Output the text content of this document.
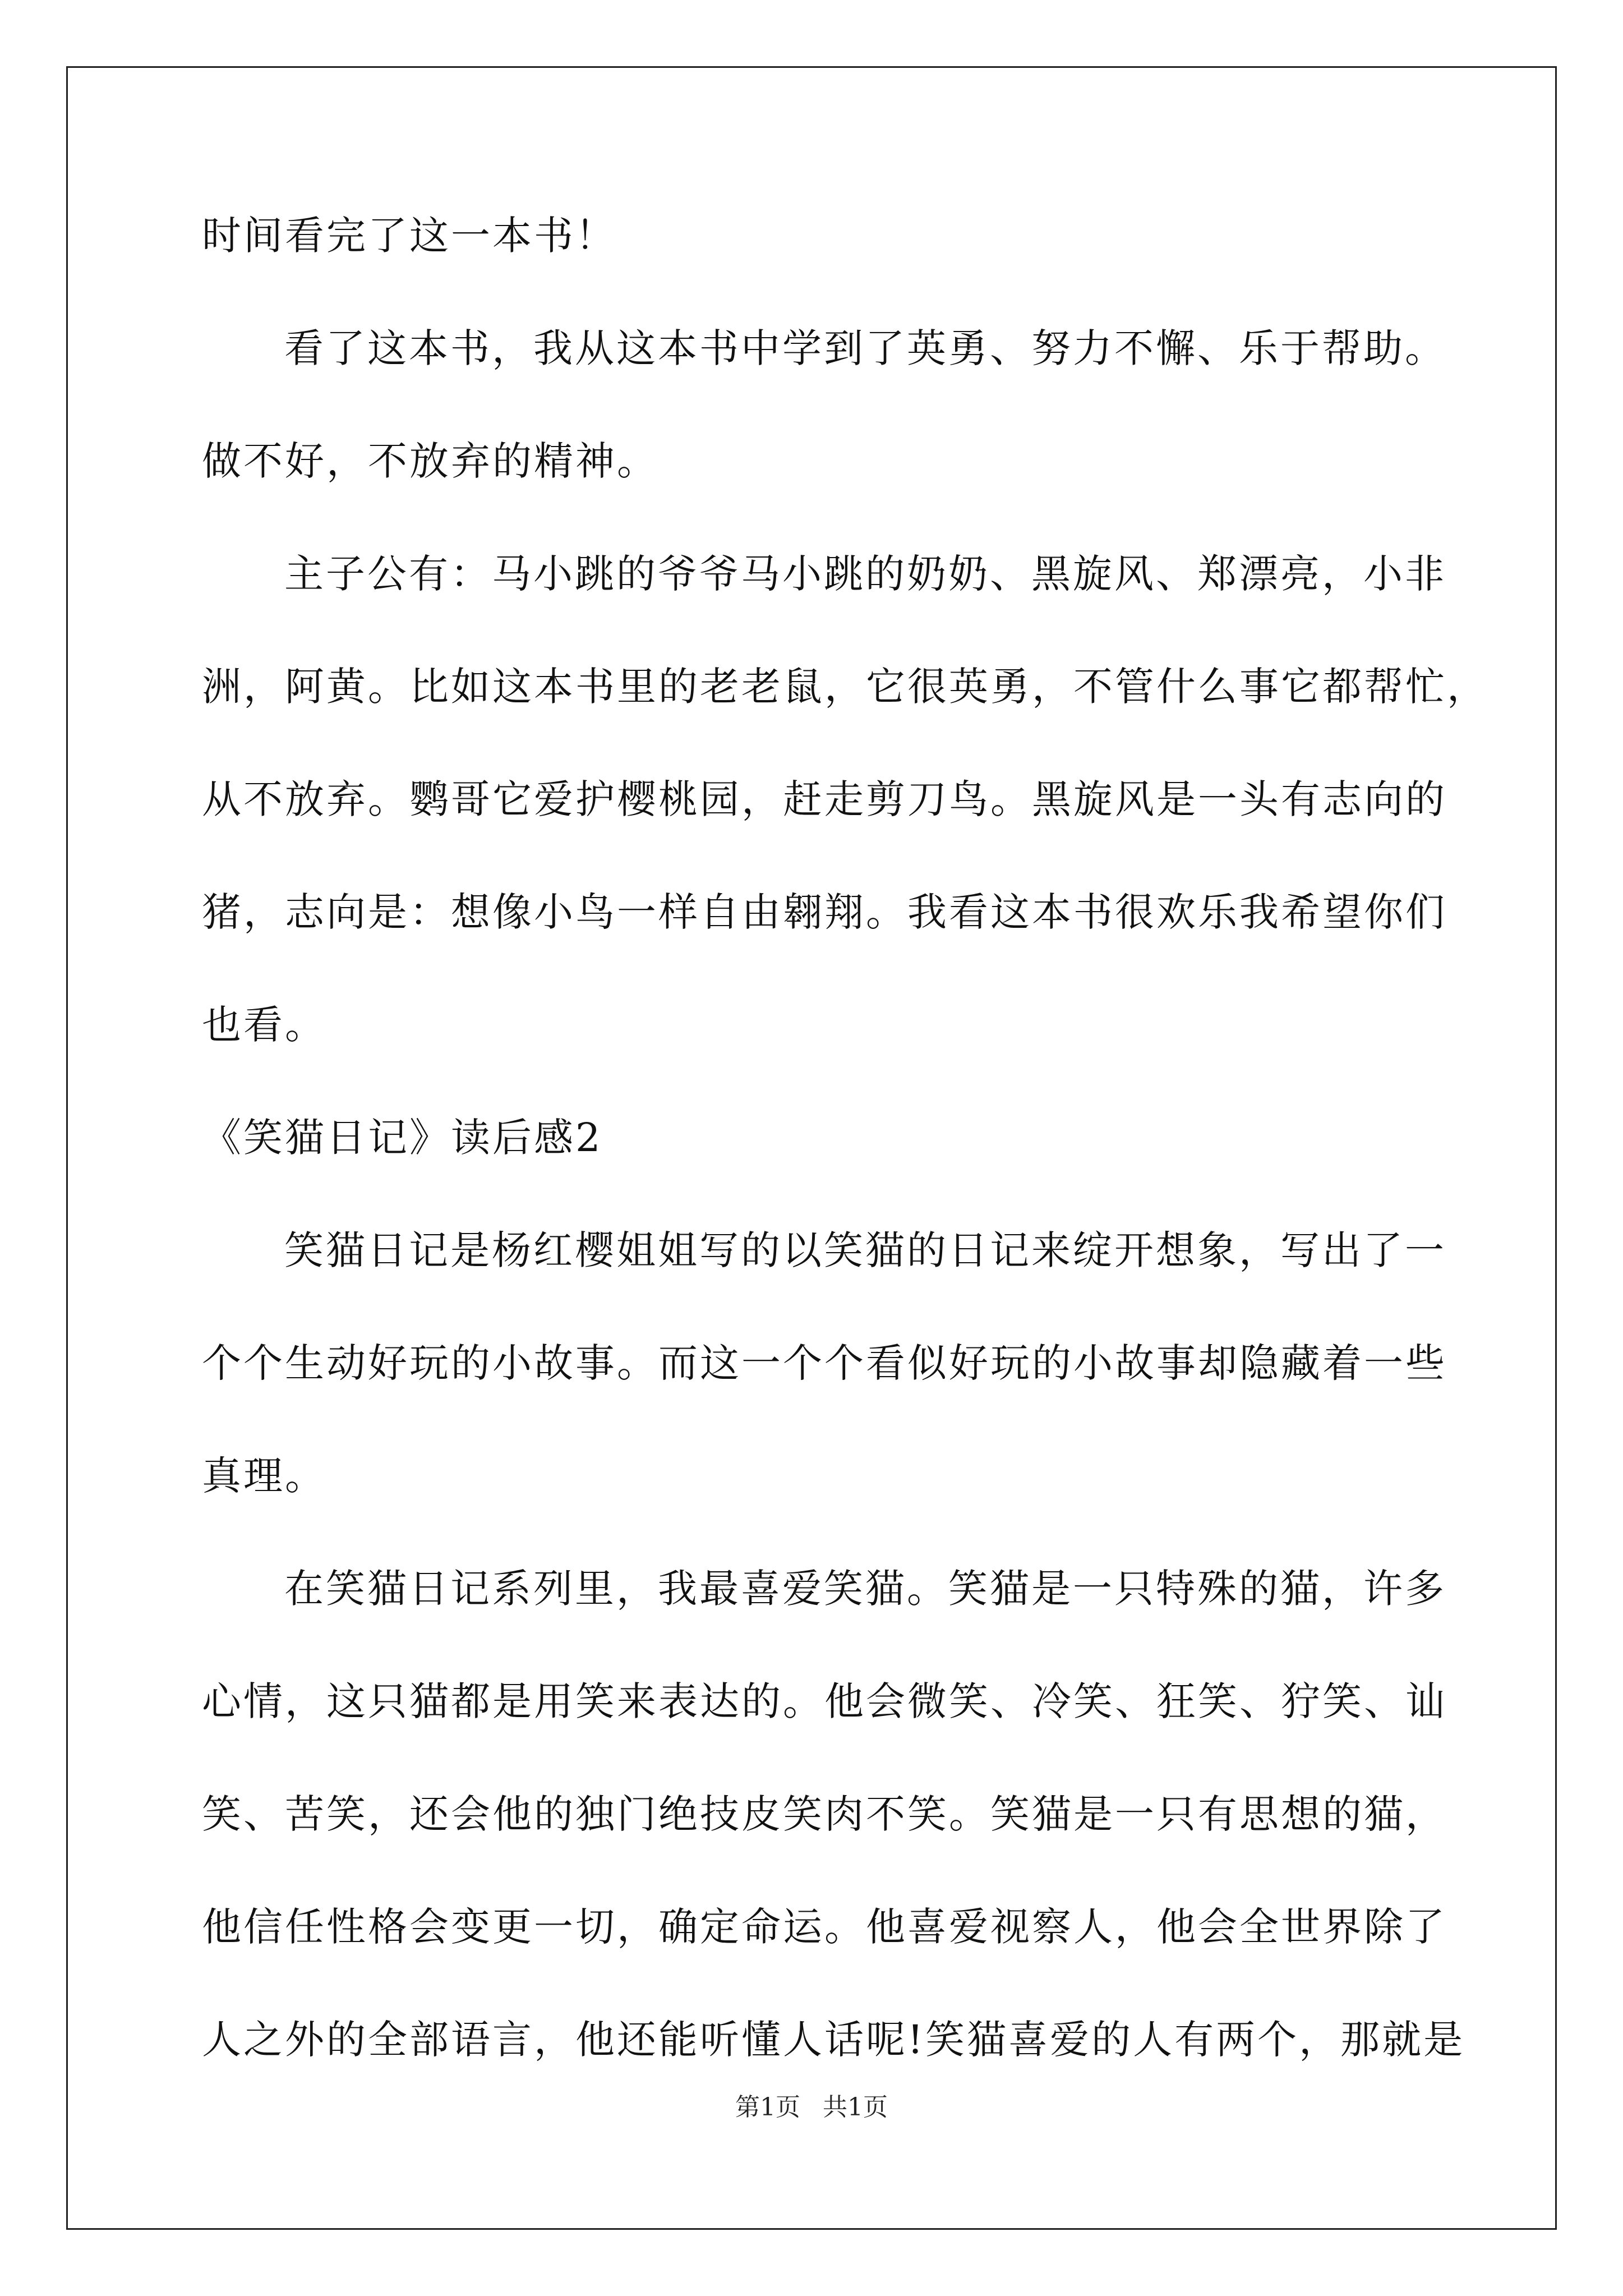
时间看完了这一本书！
看了这本书，我从这本书中学到了英勇、努力不懈、乐于帮助。
做不好，不放弃的精神。
主子公有：马小跳的爷爷马小跳的奶奶、黑旋风、郑漂亮，小非
洲，阿黄。比如这本书里的老老鼠，它很英勇，不管什么事它都帮忙，
从不放弃。鹦哥它爱护樱桃园，赶走剪刀鸟。黑旋风是一头有志向的
猪，志向是：想像小鸟一样自由翱翔。我看这本书很欢乐我希望你们
也看。
《笑猫日记》读后感2
笑猫日记是杨红樱姐姐写的以笑猫的日记来绽开想象，写出了一
个个生动好玩的小故事。而这一个个看似好玩的小故事却隐藏着一些
真理。
在笑猫日记系列里，我最喜爱笑猫。笑猫是一只特殊的猫，许多
心情，这只猫都是用笑来表达的。他会微笑、冷笑、狂笑、狞笑、讪
笑、苦笑，还会他的独门绝技皮笑肉不笑。笑猫是一只有思想的猫，
他信任性格会变更一切，确定命运。他喜爱视察人，他会全世界除了
人之外的全部语言，他还能听懂人话呢!笑猫喜爱的人有两个，那就是
第1页 共1页
